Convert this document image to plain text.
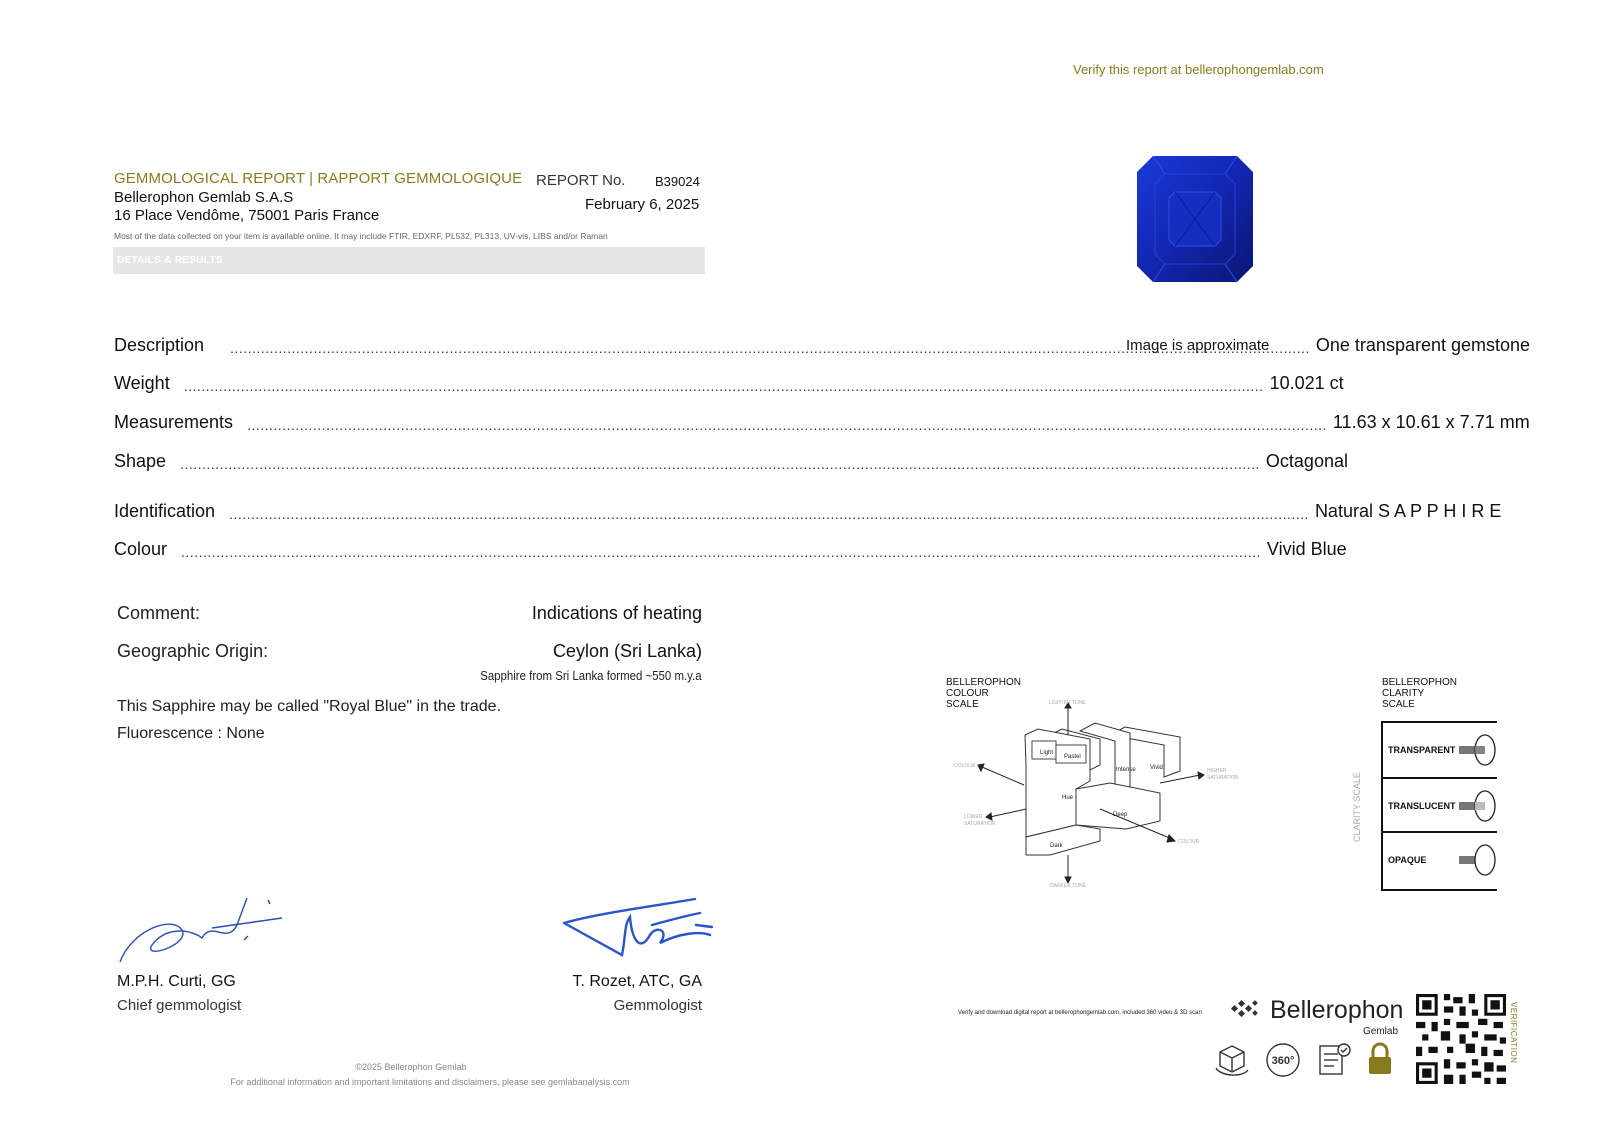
GEMMOLOGICAL REPORT | RAPPORT GEMMOLOGIQUE
Bellerophon Gemlab S.A.S
16 Place Vendôme, 75001 Paris France
REPORT No. B39024
February 6, 2025
Most of the data collected on your item is available online. It may include FTIR, EDXRF, PL532, PL313, UV-vis, LIBS and/or Raman
DETAILS & RESULTS
Description .....	One transparent gemstone
Weight .....	10.021 ct
Measurements .....	11.63 x 10.61 x 7.71 mm
Shape .....	Octagonal
Identification .....	Natural S A P P H I R E
Colour .....	Vivid Blue
Comment:	Indications of heating
Geographic Origin:	Ceylon (Sri Lanka)
Sapphire from Sri Lanka formed ~550 m.y.a
This Sapphire may be called "Royal Blue" in the trade.
Fluorescence : None
M.P.H. Curti, GG
Chief gemmologist
T. Rozet, ATC, GA
Gemmologist
©2025 Bellerophon Gemlab
For additional information and important limitations and disclaimers, please see gemlabanalysis.com
Verify this report at bellerophongemlab.com
Image is approximate
BELLEROPHON
COLOUR
SCALE
Light
Pastel
Intense Vivid
Hue
Deep
Dark
LIGHTER TONE
DARKER TONE
COLOUR
COLOUR
LOWER
SATURATION
HIGHER
SATURATION
BELLEROPHON
CLARITY
SCALE
CLARITY SCALE
TRANSPARENT
TRANSLUCENT
OPAQUE
Verify and download digital report at bellerophongemlab.com, included 360 video & 3D scan	Bellerophon
Gemlab
360°	VERIFICATION
